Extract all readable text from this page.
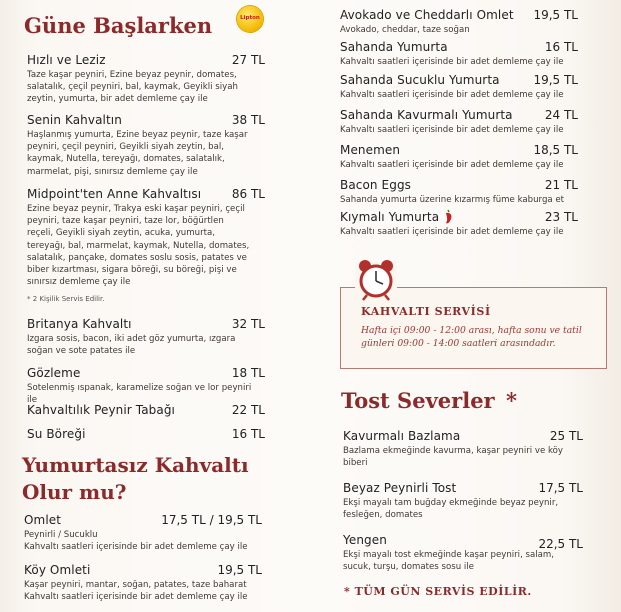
Güne Başlarken	Lipton
Hızlı ve Leziz	27 TL
Taze kaşar peyniri, Ezine beyaz peynir, domates, salatalık, çeçil peyniri, bal, kaymak, Geyikli siyah zeytin, yumurta, bir adet demleme çay ile
Senin Kahvaltın	38 TL
Haşlanmış yumurta, Ezine beyaz peynir, taze kaşar peyniri, çeçil peyniri, Geyikli siyah zeytin, bal, kaymak, Nutella, tereyağı, domates, salatalık, marmelat, pişi, sınırsız demleme çay ile
Midpoint'ten Anne Kahvaltısı	86 TL
Ezine beyaz peynir, Trakya eski kaşar peyniri, çeçil peyniri, taze kaşar peyniri, taze lor, böğürtlen reçeli, Geyikli siyah zeytin, acuka, yumurta, tereyağı, bal, marmelat, kaymak, Nutella, domates, salatalık, pançake, domates soslu sosis, patates ve biber kızartması, sigara böreği, su böreği, pişi ve sınırsız demleme çay ile
* 2 Kişilik Servis Edilir.
Britanya Kahvaltı	32 TL
Izgara sosis, bacon, iki adet göz yumurta, ızgara soğan ve sote patates ile
Gözleme	18 TL
Sotelenmiş ıspanak, karamelize soğan ve lor peyniri ile
Kahvaltılık Peynir Tabağı	22 TL
Su Böreği	16 TL
Yumurtasız Kahvaltı
Olur mu?
Omlet	17,5 TL / 19,5 TL
Peynirli / Sucuklu
Kahvaltı saatleri içerisinde bir adet demleme çay ile
Köy Omleti	19,5 TL
Kaşar peyniri, mantar, soğan, patates, taze baharat Kahvaltı saatleri içerisinde bir adet demleme çay ile
Avokado ve Cheddarlı Omlet 19,5 TL
Avokado, cheddar, taze soğan
Sahanda Yumurta	16 TL
Kahvaltı saatleri içerisinde bir adet demleme çay ile
Sahanda Sucuklu Yumurta	19,5 TL
Kahvaltı saatleri içerisinde bir adet demleme çay ile
Sahanda Kavurmalı Yumurta	24 TL
Kahvaltı saatleri içerisinde bir adet demleme çay ile
Menemen	18,5 TL
Kahvaltı saatleri içerisinde bir adet demleme çay ile
Bacon Eggs	21 TL
Sahanda yumurta üzerine kızarmış füme kaburga et
Kıymalı Yumurta	23 TL
Kahvaltı saatleri içerisinde bir adet demleme çay ile
KAHVALTI SERVİSİ
Hafta içi 09:00 - 12:00 arası, hafta sonu ve tatil günleri 09:00 - 14:00 saatleri arasındadır.
Tost Severler *
Kavurmalı Bazlama	25 TL
Bazlama ekmeğinde kavurma, kaşar peyniri ve köy biberi
Beyaz Peynirli Tost	17,5 TL
Ekşi mayalı tam buğday ekmeğinde beyaz peynir, fesleğen, domates
Yengen	22,5 TL
Ekşi mayalı tost ekmeğinde kaşar peyniri, salam, sucuk, turşu, domates sosu ile
* TÜM GÜN SERVİS EDİLİR.
